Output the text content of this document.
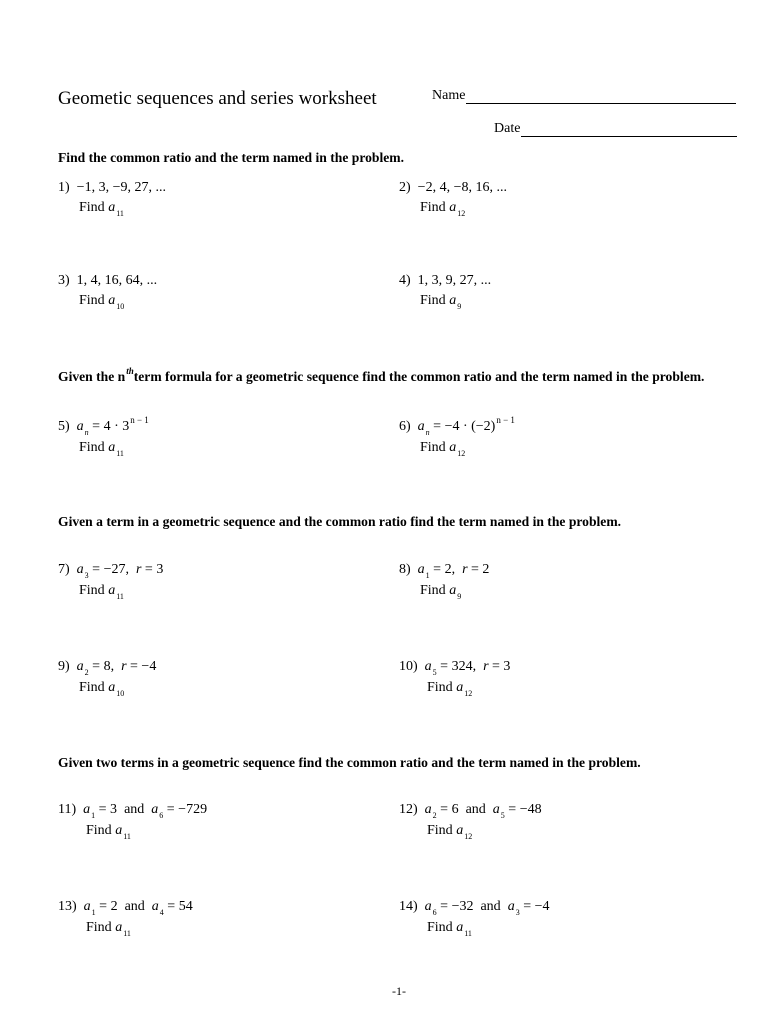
Geometic sequences and series worksheet	Name
Date
Find the common ratio and the term named in the problem.
1) −1, 3, −9, 27, ...
Find $a_{11}$
2) −2, 4, −8, 16, ...
Find $a_{12}$
3) 1, 4, 16, 64, ...
Find $a_{10}$
4) 1, 3, 9, 27, ...
Find $a_9$
Given the $n^{th}term$ formula for a geometric sequence find the common ratio and the term named in the problem.
5) $a_n = 4 \cdot 3^{n - 1}$
Find $a_{11}$
6) $a_n = -4 \cdot (-2)^{n - 1}$
Find $a_{12}$
Given a term in a geometric sequence and the common ratio find the term named in the problem.
7) $a_3 = -27$, r = 3
Find $a_{11}$
8) $a_1 = 2$, r = 2
Find $a_9$
9) $a_2 = 8$, r = −4
Find $a_{10}$
10) $a_5 = 324$, r = 3
Find $a_{12}$
Given two terms in a geometric sequence find the common ratio and the term named in the problem.
11) $a_1 = 3$ and $a_6 = -729$
Find $a_{11}$
12) $a_2 = 6$ and $a_5 = -48$
Find $a_{12}$
13) $a_1 = 2$ and $a_4 = 54$
Find $a_{11}$
14) $a_6 = -32$ and $a_3 = -4$
Find $a_{11}$
-1-
